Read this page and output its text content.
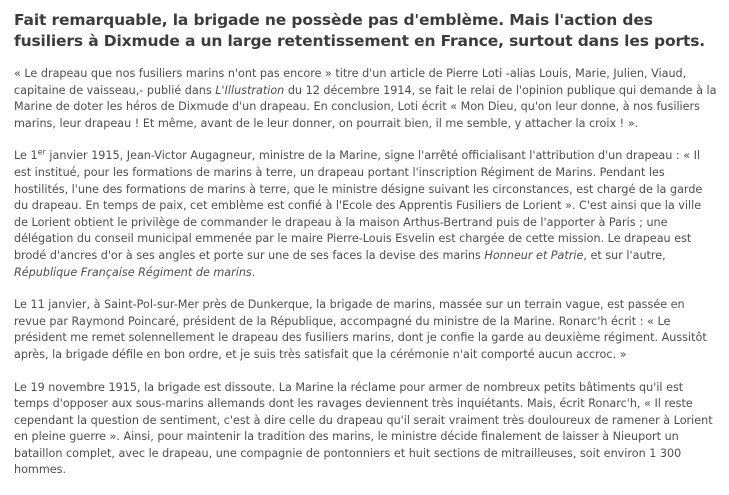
Fait remarquable, la brigade ne possède pas d'emblème. Mais l'action des fusiliers à Dixmude a un large retentissement en France, surtout dans les ports.

« Le drapeau que nos fusiliers marins n'ont pas encore » titre d'un article de Pierre Loti -alias Louis, Marie, Julien, Viaud, capitaine de vaisseau,- publié dans L'Illustration du 12 décembre 1914, se fait le relai de l'opinion publique qui demande à la Marine de doter les héros de Dixmude d'un drapeau. En conclusion, Loti écrit « Mon Dieu, qu'on leur donne, à nos fusiliers marins, leur drapeau ! Et même, avant de le leur donner, on pourrait bien, il me semble, y attacher la croix ! ».

Le 1er janvier 1915, Jean-Victor Augagneur, ministre de la Marine, signe l'arrêté officialisant l'attribution d'un drapeau : « Il est institué, pour les formations de marins à terre, un drapeau portant l'inscription Régiment de Marins. Pendant les hostilités, l'une des formations de marins à terre, que le ministre désigne suivant les circonstances, est chargé de la garde du drapeau. En temps de paix, cet emblème est confié à l'Ecole des Apprentis Fusiliers de Lorient ». C'est ainsi que la ville de Lorient obtient le privilège de commander le drapeau à la maison Arthus-Bertrand puis de l'apporter à Paris ; une délégation du conseil municipal emmenée par le maire Pierre-Louis Esvelin est chargée de cette mission. Le drapeau est brodé d'ancres d'or à ses angles et porte sur une de ses faces la devise des marins Honneur et Patrie, et sur l'autre, République Française Régiment de marins.

Le 11 janvier, à Saint-Pol-sur-Mer près de Dunkerque, la brigade de marins, massée sur un terrain vague, est passée en revue par Raymond Poincaré, président de la République, accompagné du ministre de la Marine. Ronarc'h écrit : « Le président me remet solennellement le drapeau des fusiliers marins, dont je confie la garde au deuxième régiment. Aussitôt après, la brigade défile en bon ordre, et je suis très satisfait que la cérémonie n'ait comporté aucun accroc. »

Le 19 novembre 1915, la brigade est dissoute. La Marine la réclame pour armer de nombreux petits bâtiments qu'il est temps d'opposer aux sous-marins allemands dont les ravages deviennent très inquiétants. Mais, écrit Ronarc'h, « Il reste cependant la question de sentiment, c'est à dire celle du drapeau qu'il serait vraiment très douloureux de ramener à Lorient en pleine guerre ». Ainsi, pour maintenir la tradition des marins, le ministre décide finalement de laisser à Nieuport un bataillon complet, avec le drapeau, une compagnie de pontonniers et huit sections de mitrailleuses, soit environ 1 300 hommes.
